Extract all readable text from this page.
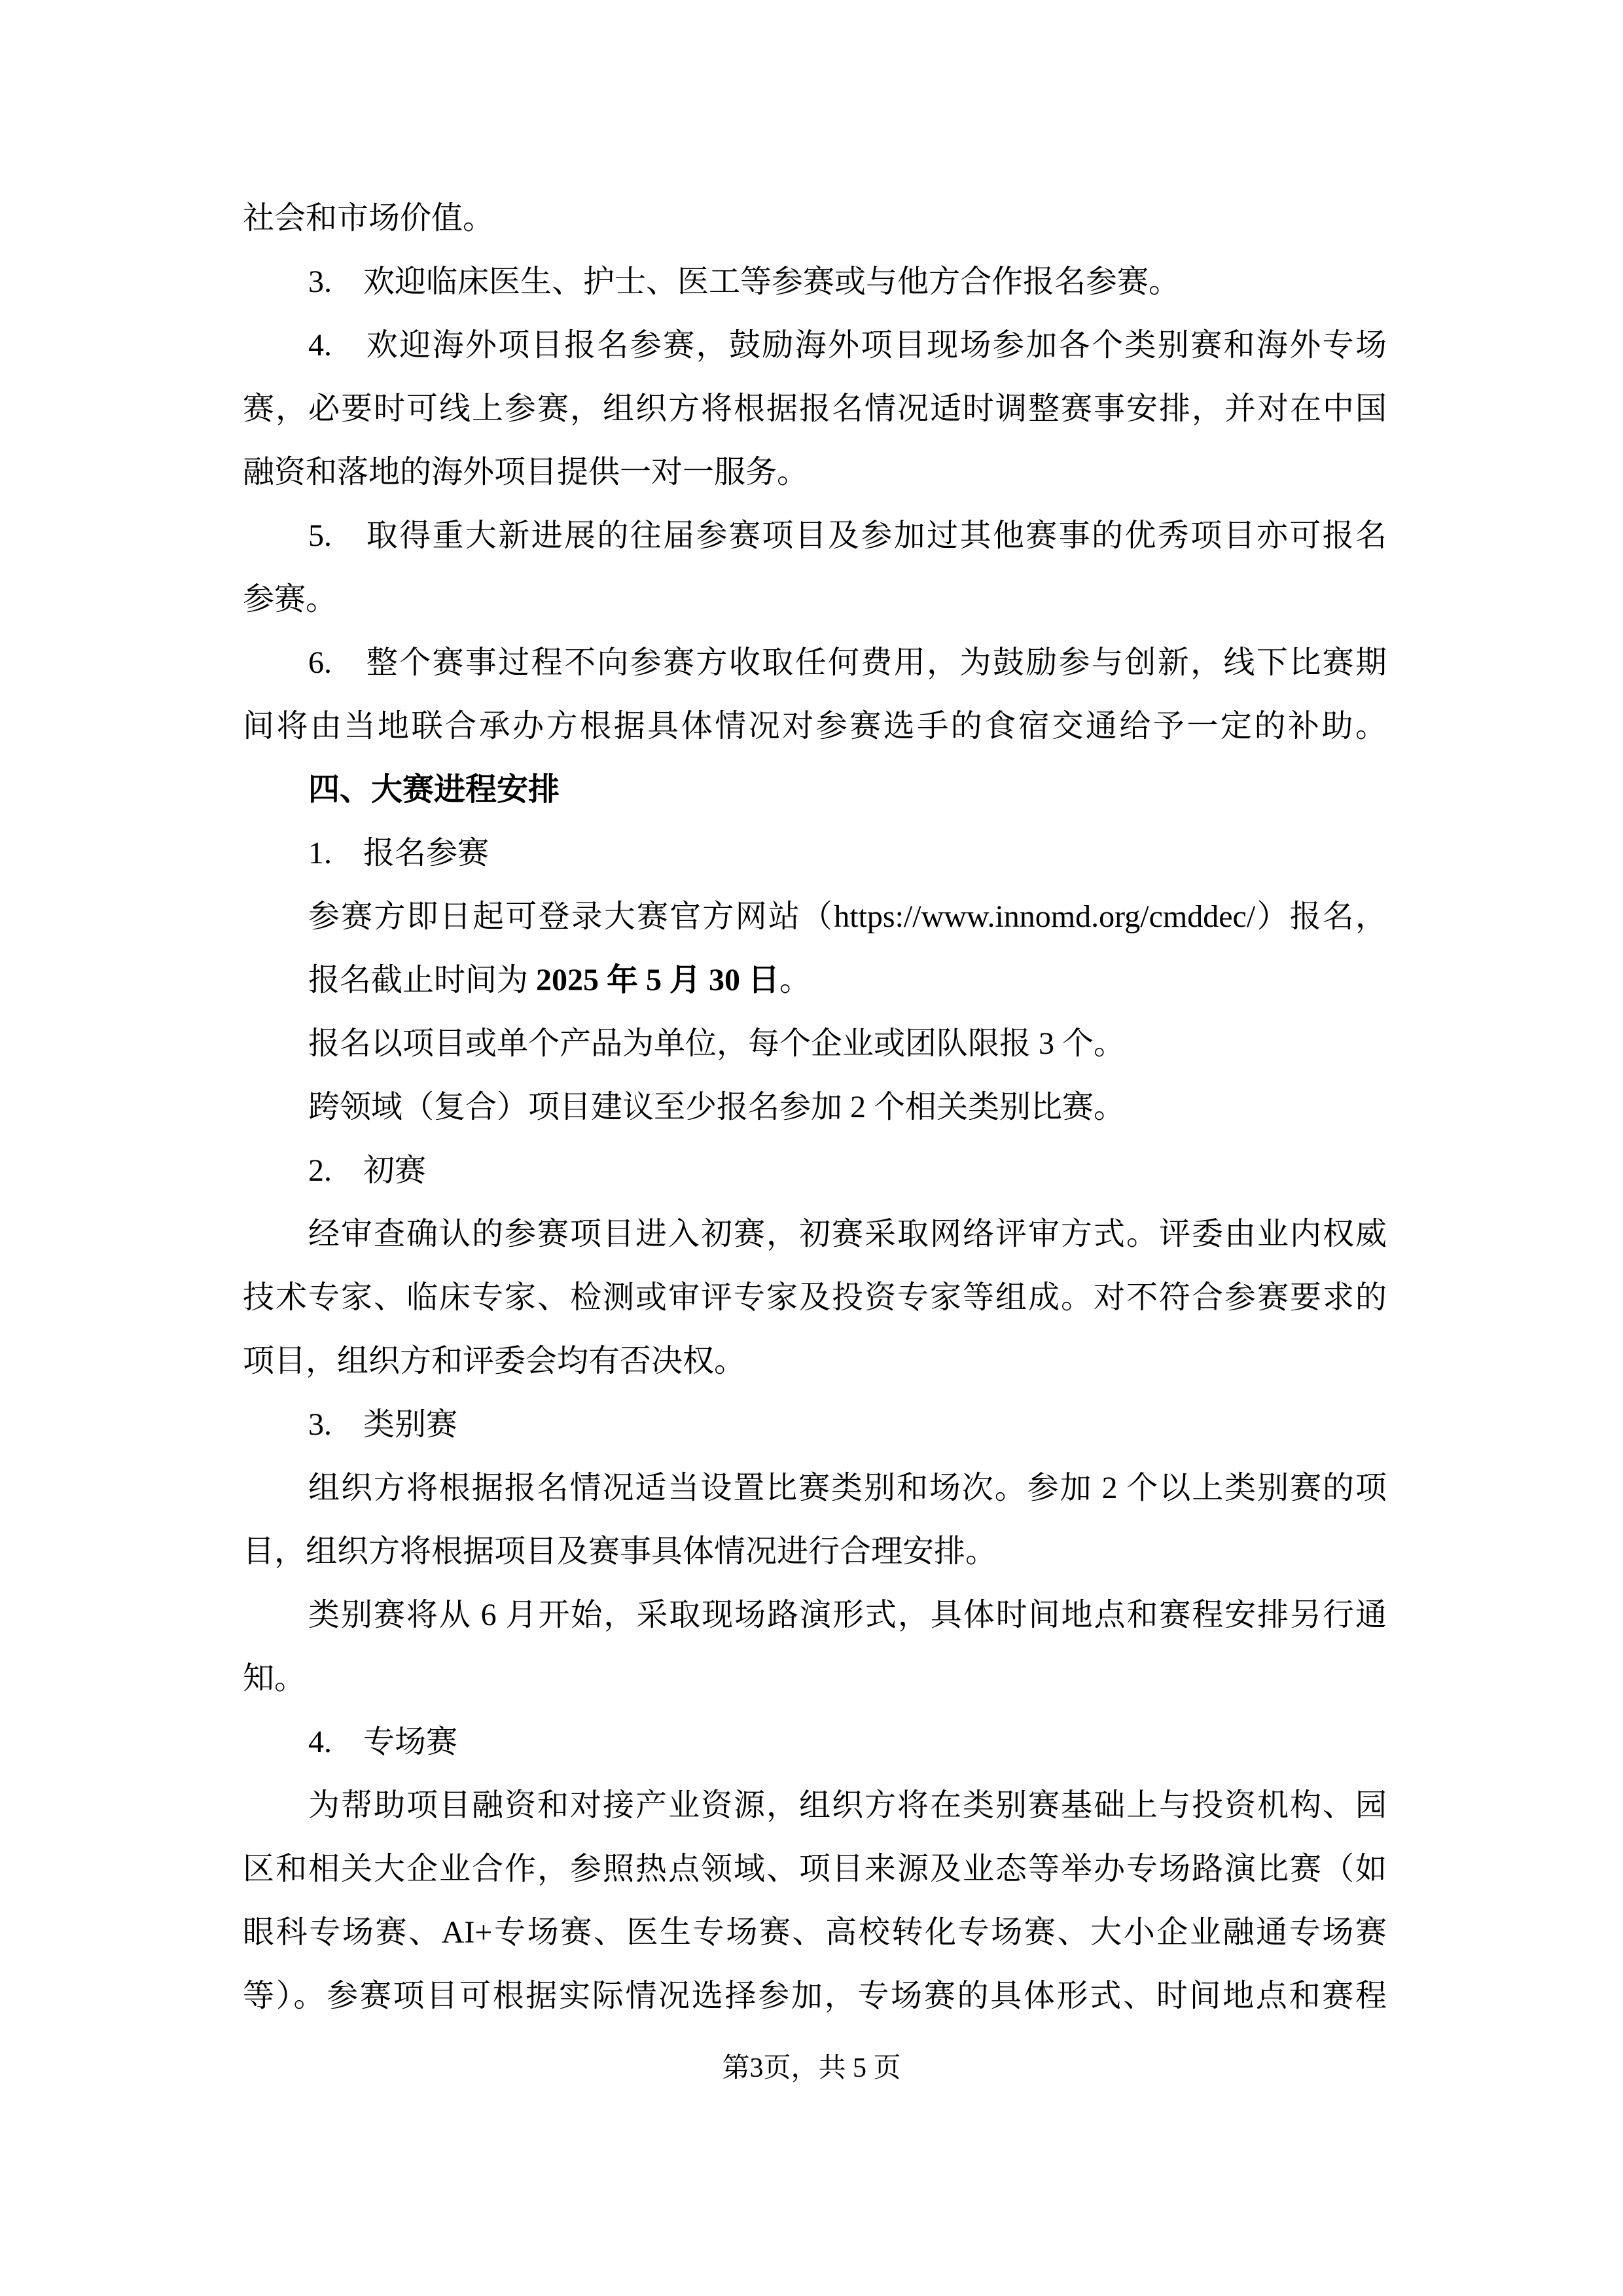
社会和市场价值。

3.　欢迎临床医生、护士、医工等参赛或与他方合作报名参赛。

4.　欢迎海外项目报名参赛，鼓励海外项目现场参加各个类别赛和海外专场

赛，必要时可线上参赛，组织方将根据报名情况适时调整赛事安排，并对在中国

融资和落地的海外项目提供一对一服务。

5.　取得重大新进展的往届参赛项目及参加过其他赛事的优秀项目亦可报名

参赛。

6.　整个赛事过程不向参赛方收取任何费用，为鼓励参与创新，线下比赛期

间将由当地联合承办方根据具体情况对参赛选手的食宿交通给予一定的补助。

四、大赛进程安排

1.　报名参赛

参赛方即日起可登录大赛官方网站（https://www.innomd.org/cmddec/）报名，

报名截止时间为 2025 年 5 月 30 日。

报名以项目或单个产品为单位，每个企业或团队限报 3 个。

跨领域（复合）项目建议至少报名参加 2 个相关类别比赛。

2.　初赛

经审查确认的参赛项目进入初赛，初赛采取网络评审方式。评委由业内权威

技术专家、临床专家、检测或审评专家及投资专家等组成。对不符合参赛要求的

项目，组织方和评委会均有否决权。

3.　类别赛

组织方将根据报名情况适当设置比赛类别和场次。参加 2 个以上类别赛的项

目，组织方将根据项目及赛事具体情况进行合理安排。

类别赛将从 6 月开始，采取现场路演形式，具体时间地点和赛程安排另行通

知。

4.　专场赛

为帮助项目融资和对接产业资源，组织方将在类别赛基础上与投资机构、园

区和相关大企业合作，参照热点领域、项目来源及业态等举办专场路演比赛（如

眼科专场赛、AI+专场赛、医生专场赛、高校转化专场赛、大小企业融通专场赛

等）。参赛项目可根据实际情况选择参加，专场赛的具体形式、时间地点和赛程

第3页，共 5 页
